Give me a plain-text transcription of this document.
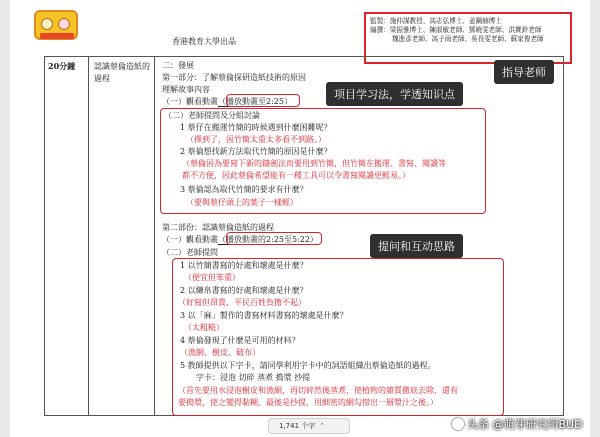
香港教育大學出品
監製：施仲謀教授、馮志弘博士、姜鋼赫博士
編撰：梁振雅博士、陳淑敏老師、鄧曉雯老師、洪寶鈴老師
魏進彥老師、馮子雨老師、吳長雯老師、蘇家俊老師
20分鐘 認識蔡倫造紙的過程
二：發展
第一部分：了解蔡倫探研造紙技術的原因
理解故事內容
（一）觀看動畫（播放動畫至2:25）
（二）老師提問及分組討論
1 蔡仔在搬運竹簡的時候遇到什麼困難呢？
（擇到了，因竹簡太重太多看不到路。）
2 蔡倫想找新方法取代竹簡的原因是什麼？
（蔡倫因為要寫下新的鑄劍法而要用到竹簡，但竹簡在搬運、書寫、閱讀等
都不方便，因此蔡倫希望能有一種工具可以令書寫閱讀更輕易。）
3 蔡倫認為取代竹簡的要求有什麼？
（要與蔡仔頭上的葉子一樣輕）
第二部份：認識蔡倫造紙的過程
（一）觀看動畫（播放動畫的2:25至5:22）
（二）老師提問
1 以竹簡書寫的好處和壞處是什麼？
（便宜但笨重）
2 以縑帛書寫的好處和壞處是什麼？
（好寫但昂貴，平民百姓負擔不起）
3 以「麻」製作的書寫材料書寫的壞處是什麼？
（太粗糙）
4 蔡倫發現了什麼是可用的材料？
（漁網、樹皮、破布）
5 教師提供以下字卡，請同學利用字卡中的詞語組織出蔡倫造紙的過程。
字卡：浸泡 切碎 蒸煮 搗漿 抄提
（首先要用水浸泡樹皮和漁網，再切碎然後蒸煮，使植物的雜質徹底去除，還有
要搗漿，使之變得黏糊，最後是抄提，用細密的網勾撈出一層漿汁之後。）
指导老师
项目学习法，学透知识点
提问和互动思路
1,741 个字 ⌃	头条 @萌芽研究所BUD
